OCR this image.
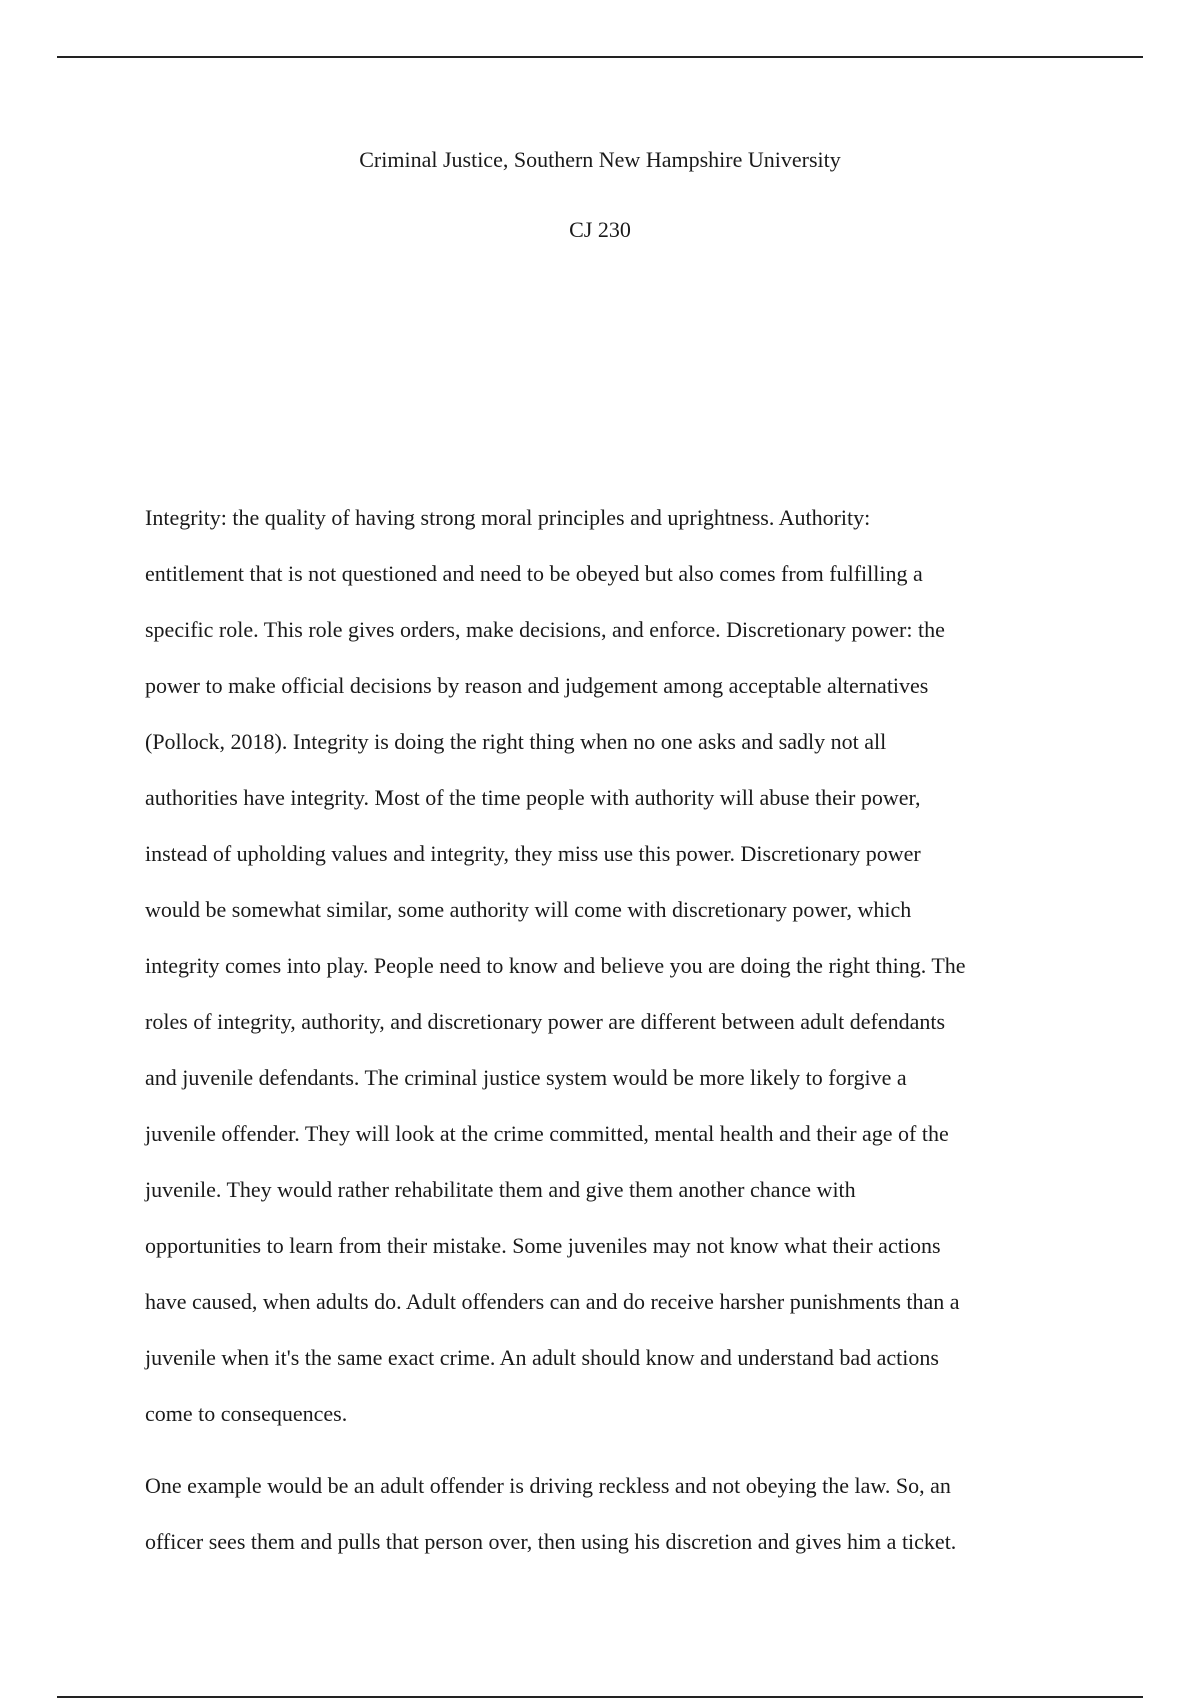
Criminal Justice, Southern New Hampshire University

CJ 230

Integrity: the quality of having strong moral principles and uprightness. Authority:
entitlement that is not questioned and need to be obeyed but also comes from fulfilling a
specific role. This role gives orders, make decisions, and enforce. Discretionary power: the
power to make official decisions by reason and judgement among acceptable alternatives
(Pollock, 2018). Integrity is doing the right thing when no one asks and sadly not all
authorities have integrity. Most of the time people with authority will abuse their power,
instead of upholding values and integrity, they miss use this power. Discretionary power
would be somewhat similar, some authority will come with discretionary power, which
integrity comes into play. People need to know and believe you are doing the right thing. The
roles of integrity, authority, and discretionary power are different between adult defendants
and juvenile defendants. The criminal justice system would be more likely to forgive a
juvenile offender. They will look at the crime committed, mental health and their age of the
juvenile. They would rather rehabilitate them and give them another chance with
opportunities to learn from their mistake. Some juveniles may not know what their actions
have caused, when adults do. Adult offenders can and do receive harsher punishments than a
juvenile when it's the same exact crime. An adult should know and understand bad actions
come to consequences.
One example would be an adult offender is driving reckless and not obeying the law. So, an
officer sees them and pulls that person over, then using his discretion and gives him a ticket.
